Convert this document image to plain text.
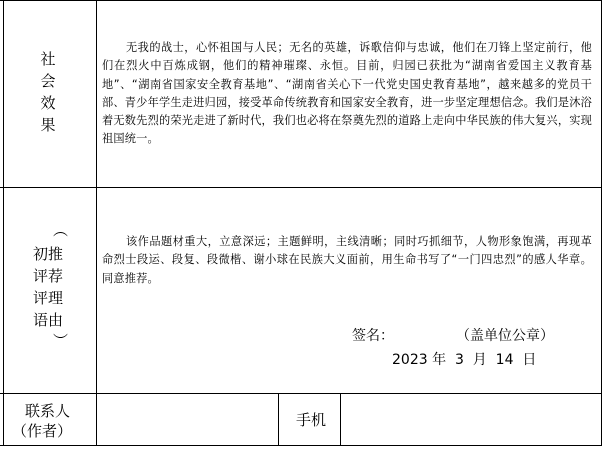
社
会
效
果
无我的战士，心怀祖国与人民；无名的英雄，诉歌信仰与忠诚，他们在刀锋上坚定前行，他们在烈火中百炼成钢，他们的精神璀璨、永恒。目前，归园已获批为“湖南省爱国主义教育基地”、“湖南省国家安全教育基地”、“湖南省关心下一代党史国史教育基地”，越来越多的党员干部、青少年学生走进归园，接受革命传统教育和国家安全教育，进一步坚定理想信念。我们是沐浴着无数先烈的荣光走进了新时代，我们也必将在祭奠先烈的道路上走向中华民族的伟大复兴，实现祖国统一。
（
初推
评荐
评理
语由
）
该作品题材重大，立意深远；主题鲜明，主线清晰；同时巧抓细节，人物形象饱满，再现革命烈士段运、段复、段微楷、谢小球在民族大义面前，用生命书写了“一门四忠烈”的感人华章。同意推荐。
签名：	（盖单位公章）
2023 年  3  月  14  日
联系人
（作者）
手机
